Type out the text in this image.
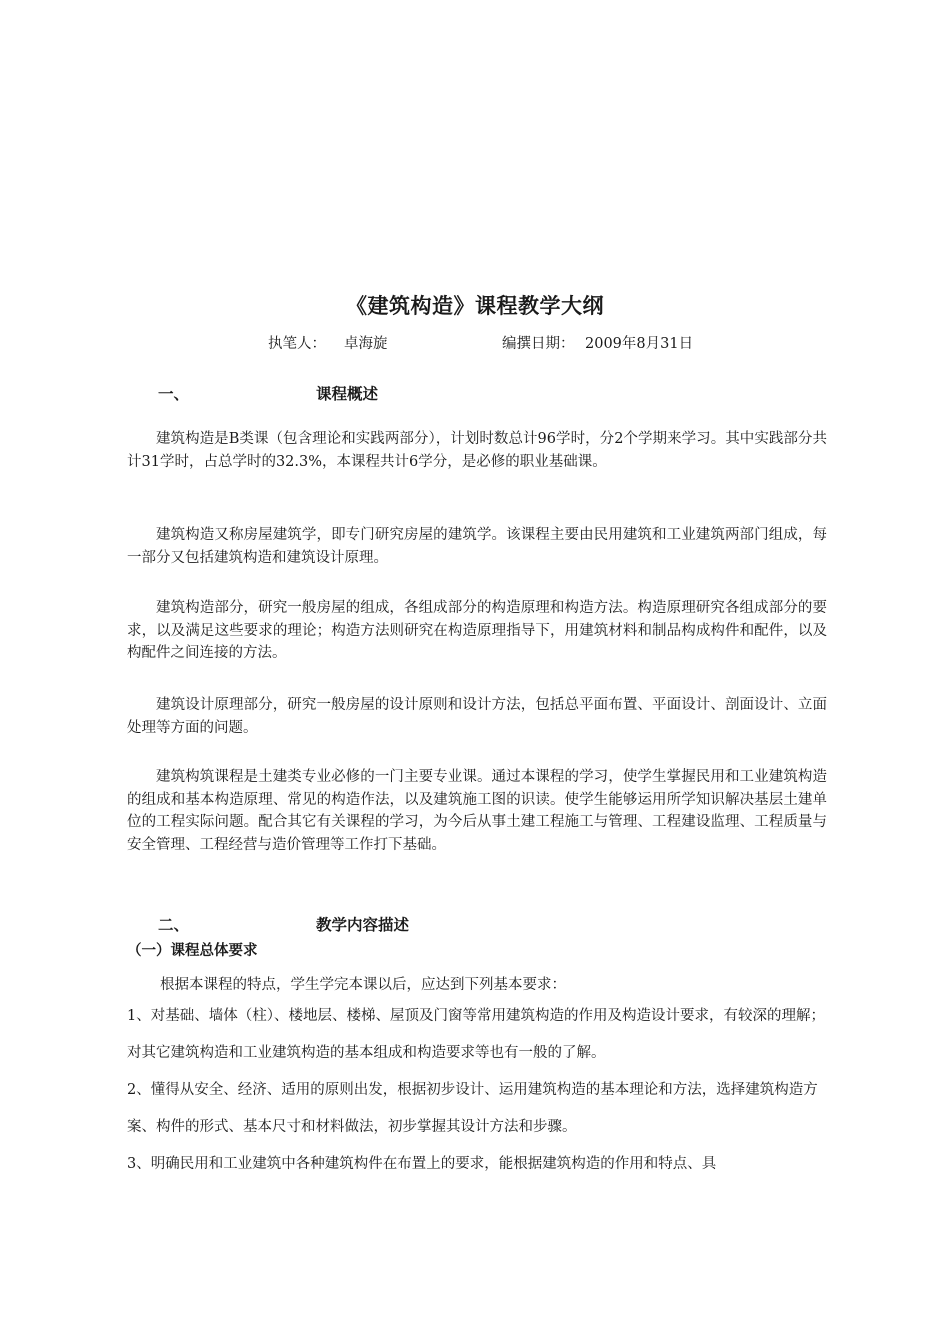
《建筑构造》课程教学大纲
执笔人： 卓海旋	编撰日期： 2009年8月31日
一、	课程概述
建筑构造是B类课（包含理论和实践两部分），计划时数总计96学时，分2个学期来学习。其中实践部分共计31学时，占总学时的32.3%，本课程共计6学分，是必修的职业基础课。
建筑构造又称房屋建筑学，即专门研究房屋的建筑学。该课程主要由民用建筑和工业建筑两部门组成，每一部分又包括建筑构造和建筑设计原理。
建筑构造部分，研究一般房屋的组成，各组成部分的构造原理和构造方法。构造原理研究各组成部分的要求，以及满足这些要求的理论；构造方法则研究在构造原理指导下，用建筑材料和制品构成构件和配件，以及构配件之间连接的方法。
建筑设计原理部分，研究一般房屋的设计原则和设计方法，包括总平面布置、平面设计、剖面设计、立面处理等方面的问题。
建筑构筑课程是土建类专业必修的一门主要专业课。通过本课程的学习，使学生掌握民用和工业建筑构造的组成和基本构造原理、常见的构造作法，以及建筑施工图的识读。使学生能够运用所学知识解决基层土建单位的工程实际问题。配合其它有关课程的学习，为今后从事土建工程施工与管理、工程建设监理、工程质量与安全管理、工程经营与造价管理等工作打下基础。
二、	教学内容描述
（一）课程总体要求
根据本课程的特点，学生学完本课以后，应达到下列基本要求：
1、对基础、墙体（柱）、楼地层、楼梯、屋顶及门窗等常用建筑构造的作用及构造设计要求，有较深的理解；对其它建筑构造和工业建筑构造的基本组成和构造要求等也有一般的了解。
2、懂得从安全、经济、适用的原则出发，根据初步设计、运用建筑构造的基本理论和方法，选择建筑构造方案、构件的形式、基本尺寸和材料做法，初步掌握其设计方法和步骤。
3、明确民用和工业建筑中各种建筑构件在布置上的要求，能根据建筑构造的作用和特点、具
